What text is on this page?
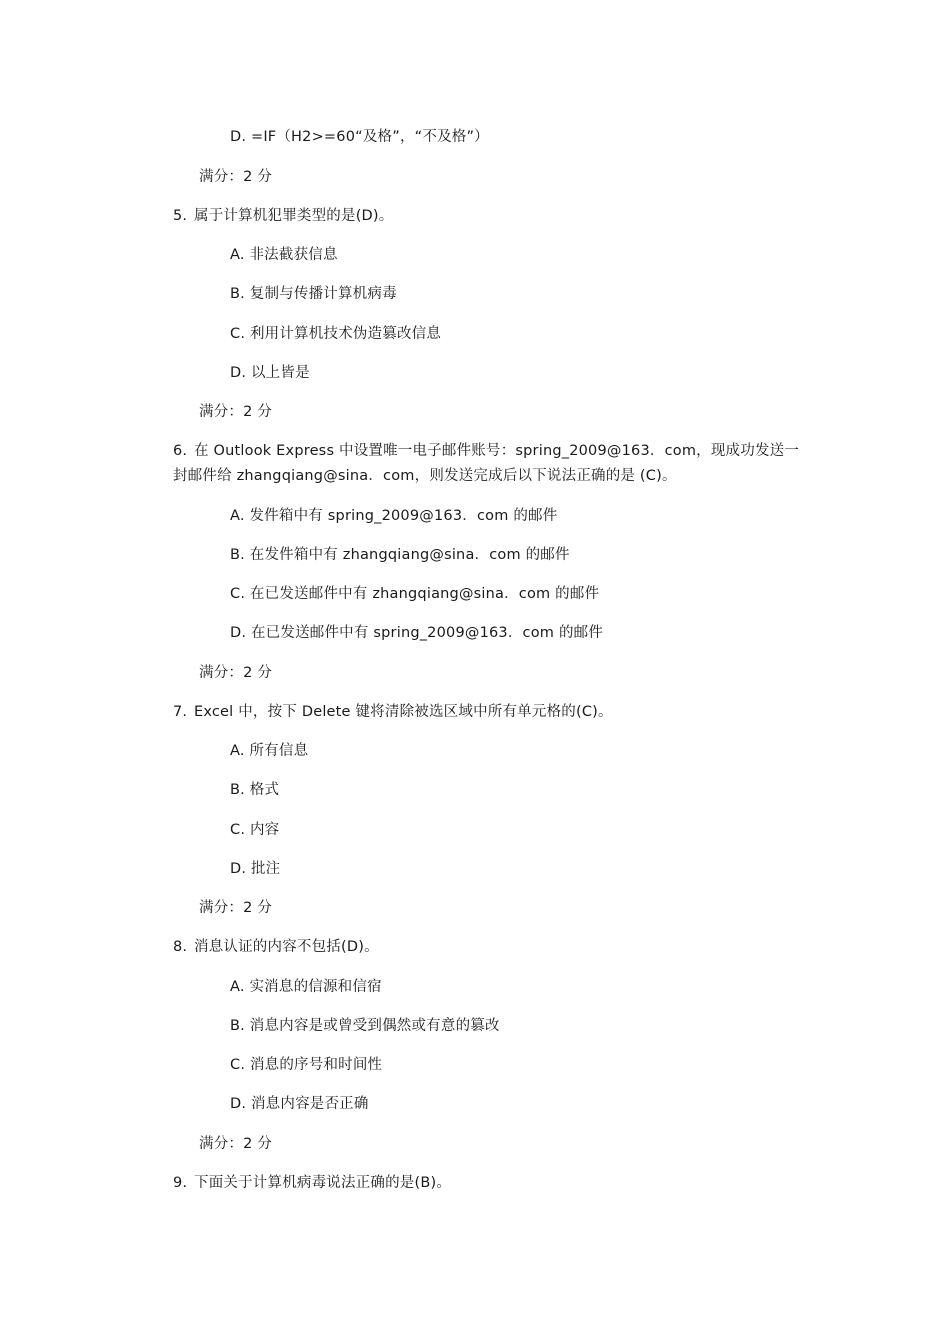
D. =IF（H2>=60“及格”，“不及格”）
满分：2 分
5. 属于计算机犯罪类型的是(D)。
A. 非法截获信息
B. 复制与传播计算机病毒
C. 利用计算机技术伪造篡改信息
D. 以上皆是
满分：2 分
6. 在 Outlook Express 中设置唯一电子邮件账号：spring_2009@163．com，现成功发送一封邮件给 zhangqiang@sina．com，则发送完成后以下说法正确的是 (C)。
A. 发件箱中有 spring_2009@163．com 的邮件
B. 在发件箱中有 zhangqiang@sina．com 的邮件
C. 在已发送邮件中有 zhangqiang@sina．com 的邮件
D. 在已发送邮件中有 spring_2009@163．com 的邮件
满分：2 分
7. Excel 中，按下 Delete 键将清除被选区域中所有单元格的(C)。
A. 所有信息
B. 格式
C. 内容
D. 批注
满分：2 分
8. 消息认证的内容不包括(D)。
A. 实消息的信源和信宿
B. 消息内容是或曾受到偶然或有意的篡改
C. 消息的序号和时间性
D. 消息内容是否正确
满分：2 分
9. 下面关于计算机病毒说法正确的是(B)。
